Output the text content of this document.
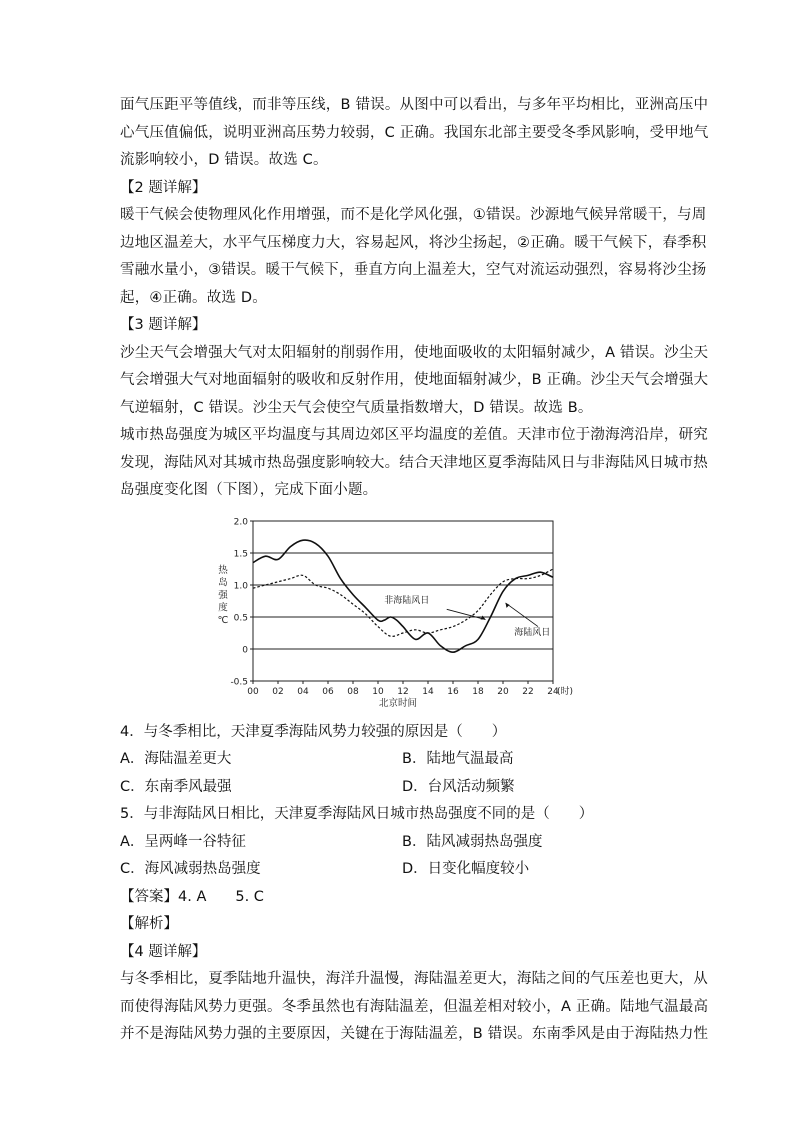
面气压距平等值线，而非等压线，B 错误。从图中可以看出，与多年平均相比，亚洲高压中
心气压值偏低，说明亚洲高压势力较弱，C 正确。我国东北部主要受冬季风影响，受甲地气
流影响较小，D 错误。故选 C。
【2 题详解】
暖干气候会使物理风化作用增强，而不是化学风化强，①错误。沙源地气候异常暖干，与周
边地区温差大，水平气压梯度力大，容易起风，将沙尘扬起，②正确。暖干气候下，春季积
雪融水量小，③错误。暖干气候下，垂直方向上温差大，空气对流运动强烈，容易将沙尘扬
起，④正确。故选 D。
【3 题详解】
沙尘天气会增强大气对太阳辐射的削弱作用，使地面吸收的太阳辐射减少，A 错误。沙尘天
气会增强大气对地面辐射的吸收和反射作用，使地面辐射减少，B 正确。沙尘天气会增强大
气逆辐射，C 错误。沙尘天气会使空气质量指数增大，D 错误。故选 B。
城市热岛强度为城区平均温度与其周边郊区平均温度的差值。天津市位于渤海湾沿岸，研究
发现，海陆风对其城市热岛强度影响较大。结合天津地区夏季海陆风日与非海陆风日城市热
岛强度变化图（下图），完成下面小题。
-0.5
0
0.5
1.0
1.5
2.0
00 02 04 06 08 10 12 14 16 18 20 22 24
(时)
北京时间
热岛强度℃
非海陆风日
海陆风日
4．与冬季相比，天津夏季海陆风势力较强的原因是（　　）
A．海陆温差更大	B．陆地气温最高
C．东南季风最强	D．台风活动频繁
5．与非海陆风日相比，天津夏季海陆风日城市热岛强度不同的是（　　）
A．呈两峰一谷特征	B．陆风减弱热岛强度
C．海风减弱热岛强度	D．日变化幅度较小
【答案】4. A　　5. C
【解析】
【4 题详解】
与冬季相比，夏季陆地升温快，海洋升温慢，海陆温差更大，海陆之间的气压差也更大，从
而使得海陆风势力更强。冬季虽然也有海陆温差，但温差相对较小，A 正确。陆地气温最高
并不是海陆风势力强的主要原因，关键在于海陆温差，B 错误。东南季风是由于海陆热力性
